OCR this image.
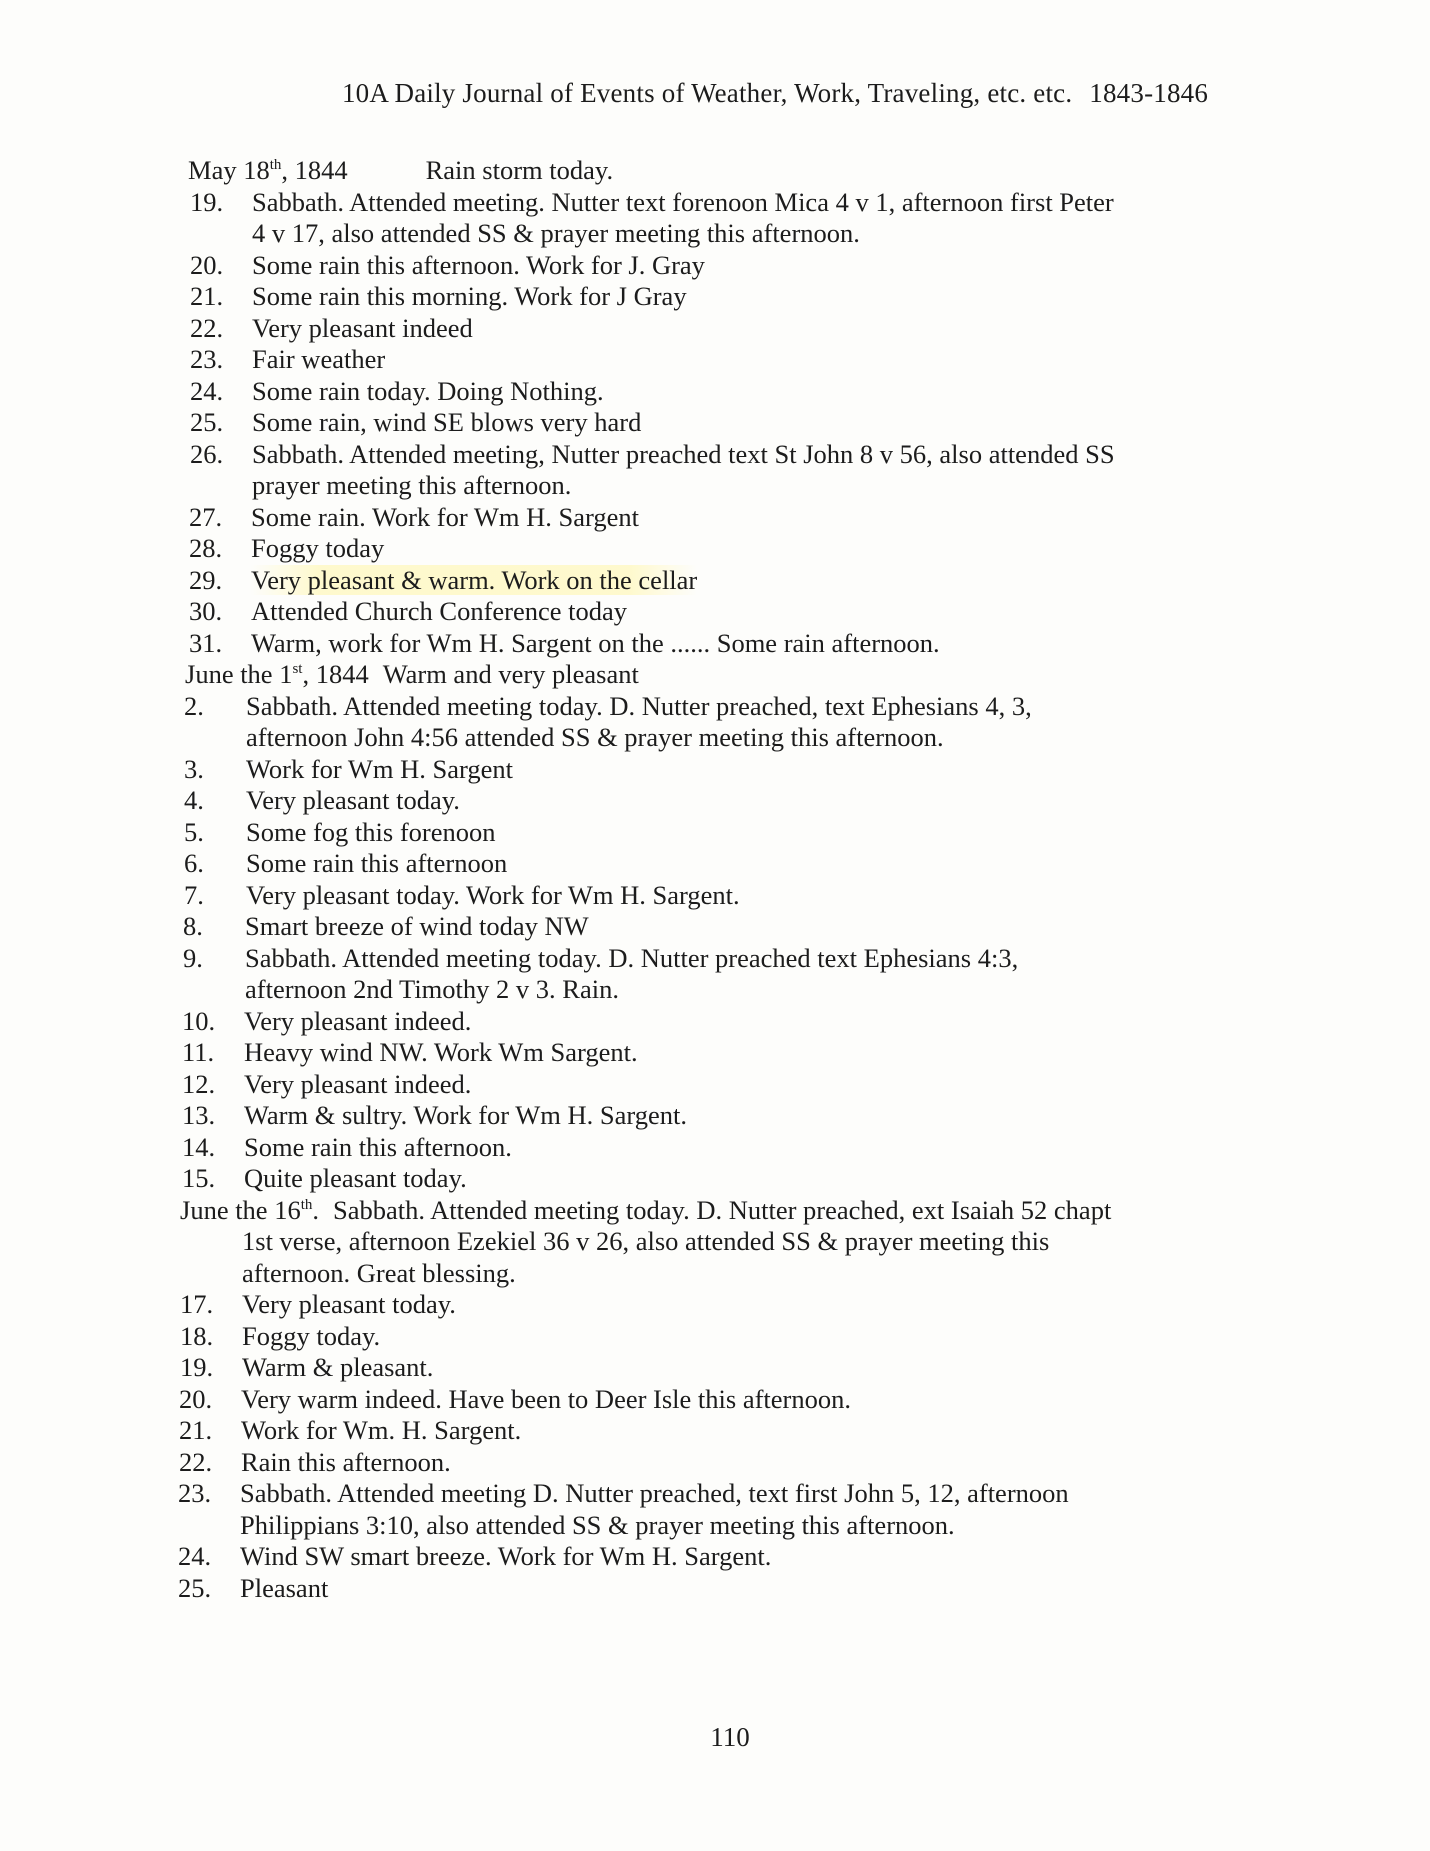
10A Daily Journal of Events of Weather, Work, Traveling, etc. etc. 1843-1846
May 18th, 1844	Rain storm today.
19. Sabbath. Attended meeting. Nutter text forenoon Mica 4 v 1, afternoon first Peter
4 v 17, also attended SS & prayer meeting this afternoon.
20. Some rain this afternoon. Work for J. Gray
21. Some rain this morning. Work for J Gray
22. Very pleasant indeed
23. Fair weather
24. Some rain today. Doing Nothing.
25. Some rain, wind SE blows very hard
26. Sabbath. Attended meeting, Nutter preached text St John 8 v 56, also attended SS
prayer meeting this afternoon.
27. Some rain. Work for Wm H. Sargent
28. Foggy today
29. Very pleasant & warm. Work on the cellar
30. Attended Church Conference today
31. Warm, work for Wm H. Sargent on the ...... Some rain afternoon.
June the 1st, 1844 Warm and very pleasant
2. Sabbath. Attended meeting today. D. Nutter preached, text Ephesians 4, 3,
afternoon John 4:56 attended SS & prayer meeting this afternoon.
3. Work for Wm H. Sargent
4. Very pleasant today.
5. Some fog this forenoon
6. Some rain this afternoon
7. Very pleasant today. Work for Wm H. Sargent.
8. Smart breeze of wind today NW
9. Sabbath. Attended meeting today. D. Nutter preached text Ephesians 4:3,
afternoon 2nd Timothy 2 v 3. Rain.
10. Very pleasant indeed.
11. Heavy wind NW. Work Wm Sargent.
12. Very pleasant indeed.
13. Warm & sultry. Work for Wm H. Sargent.
14. Some rain this afternoon.
15. Quite pleasant today.
June the 16th. Sabbath. Attended meeting today. D. Nutter preached, ext Isaiah 52 chapt
1st verse, afternoon Ezekiel 36 v 26, also attended SS & prayer meeting this
afternoon. Great blessing.
17. Very pleasant today.
18. Foggy today.
19. Warm & pleasant.
20. Very warm indeed. Have been to Deer Isle this afternoon.
21. Work for Wm. H. Sargent.
22. Rain this afternoon.
23. Sabbath. Attended meeting D. Nutter preached, text first John 5, 12, afternoon
Philippians 3:10, also attended SS & prayer meeting this afternoon.
24. Wind SW smart breeze. Work for Wm H. Sargent.
25. Pleasant
110
